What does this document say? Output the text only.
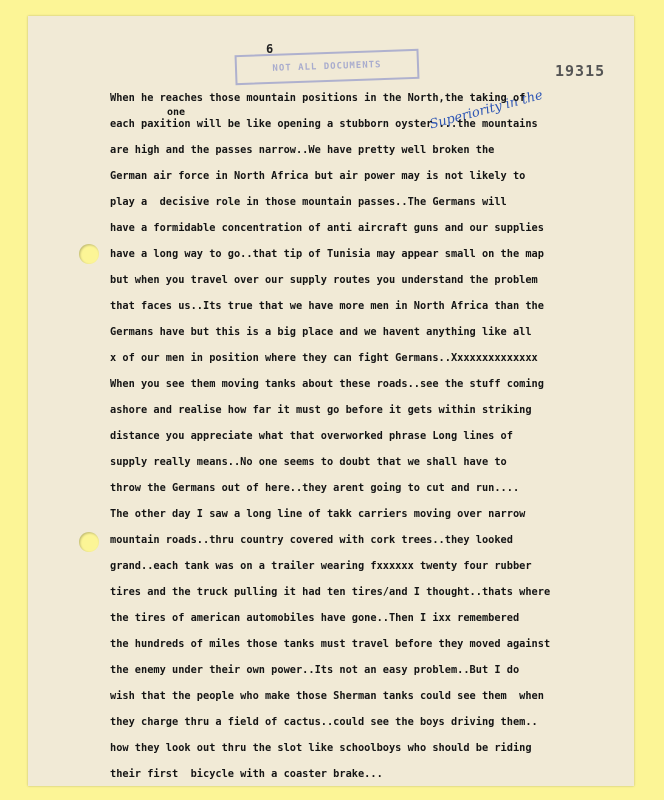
6
NOT ALL DOCUMENTS	19315
one	Superiority in the
When he reaches those mountain positions in the North,the taking of
each paxition will be like opening a stubborn oyster ...the mountains
are high and the passes narrow..We have pretty well broken the
German air force in North Africa but air power may is not likely to
play a  decisive role in those mountain passes..The Germans will
have a formidable concentration of anti aircraft guns and our supplies
have a long way to go..that tip of Tunisia may appear small on the map
but when you travel over our supply routes you understand the problem
that faces us..Its true that we have more men in North Africa than the
Germans have but this is a big place and we havent anything like all
x of our men in position where they can fight Germans..Xxxxxxxxxxxxxx
When you see them moving tanks about these roads..see the stuff coming
ashore and realise how far it must go before it gets within striking
distance you appreciate what that overworked phrase Long lines of
supply really means..No one seems to doubt that we shall have to
throw the Germans out of here..they arent going to cut and run....
The other day I saw a long line of takk carriers moving over narrow
mountain roads..thru country covered with cork trees..they looked
grand..each tank was on a trailer wearing fxxxxxx twenty four rubber
tires and the truck pulling it had ten tires/and I thought..thats where
the tires of american automobiles have gone..Then I ixx remembered
the hundreds of miles those tanks must travel before they moved against
the enemy under their own power..Its not an easy problem..But I do
wish that the people who make those Sherman tanks could see them  when
they charge thru a field of cactus..could see the boys driving them..
how they look out thru the slot like schoolboys who should be riding
their first  bicycle with a coaster brake...
